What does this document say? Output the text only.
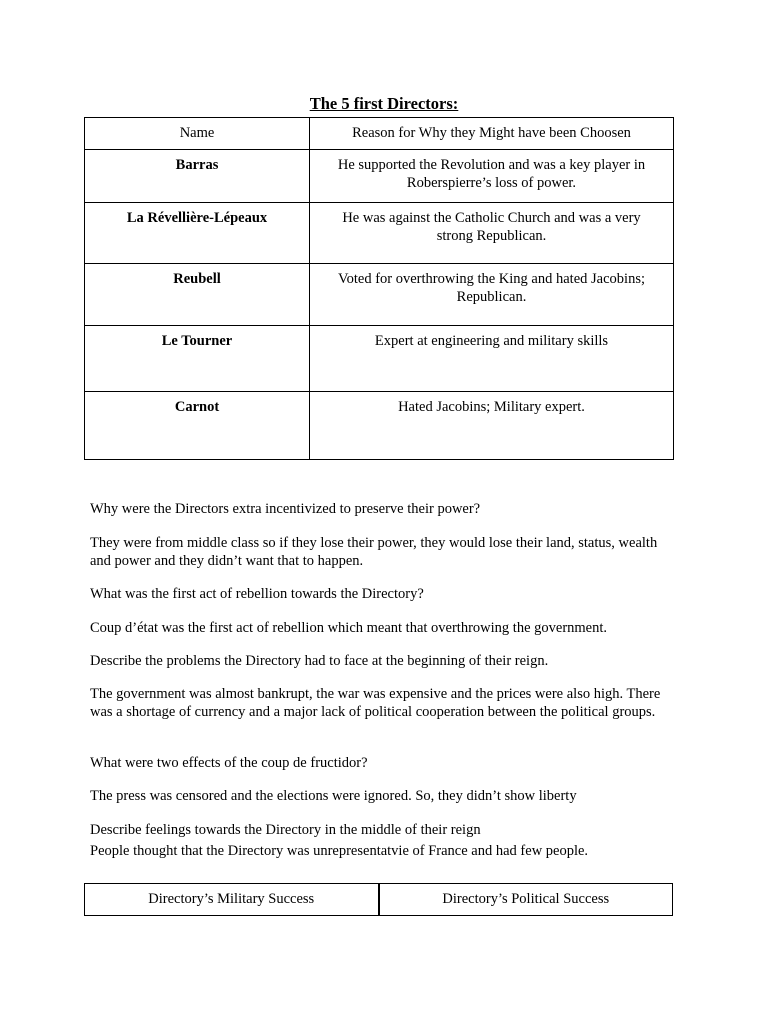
The 5 first Directors:
Name	Reason for Why they Might have been Choosen
Barras	He supported the Revolution and was a key player in Roberspierre’s loss of power.
La Révellière-Lépeaux	He was against the Catholic Church and was a very strong Republican.
Reubell	Voted for overthrowing the King and hated Jacobins; Republican.
Le Tourner	Expert at engineering and military skills
Carnot	Hated Jacobins; Military expert.
Why were the Directors extra incentivized to preserve their power?
They were from middle class so if they lose their power, they would lose their land, status, wealth and power and they didn’t want that to happen.
What was the first act of rebellion towards the Directory?
Coup d’état was the first act of rebellion which meant that overthrowing the government.
Describe the problems the Directory had to face at the beginning of their reign.
The government was almost bankrupt, the war was expensive and the prices were also high. There was a shortage of currency and a major lack of political cooperation between the political groups.
What were two effects of the coup de fructidor?
The press was censored and the elections were ignored. So, they didn’t show liberty
Describe feelings towards the Directory in the middle of their reign
People thought that the Directory was unrepresentatvie of France and had few people.
Directory’s Military Success	Directory’s Political Success
